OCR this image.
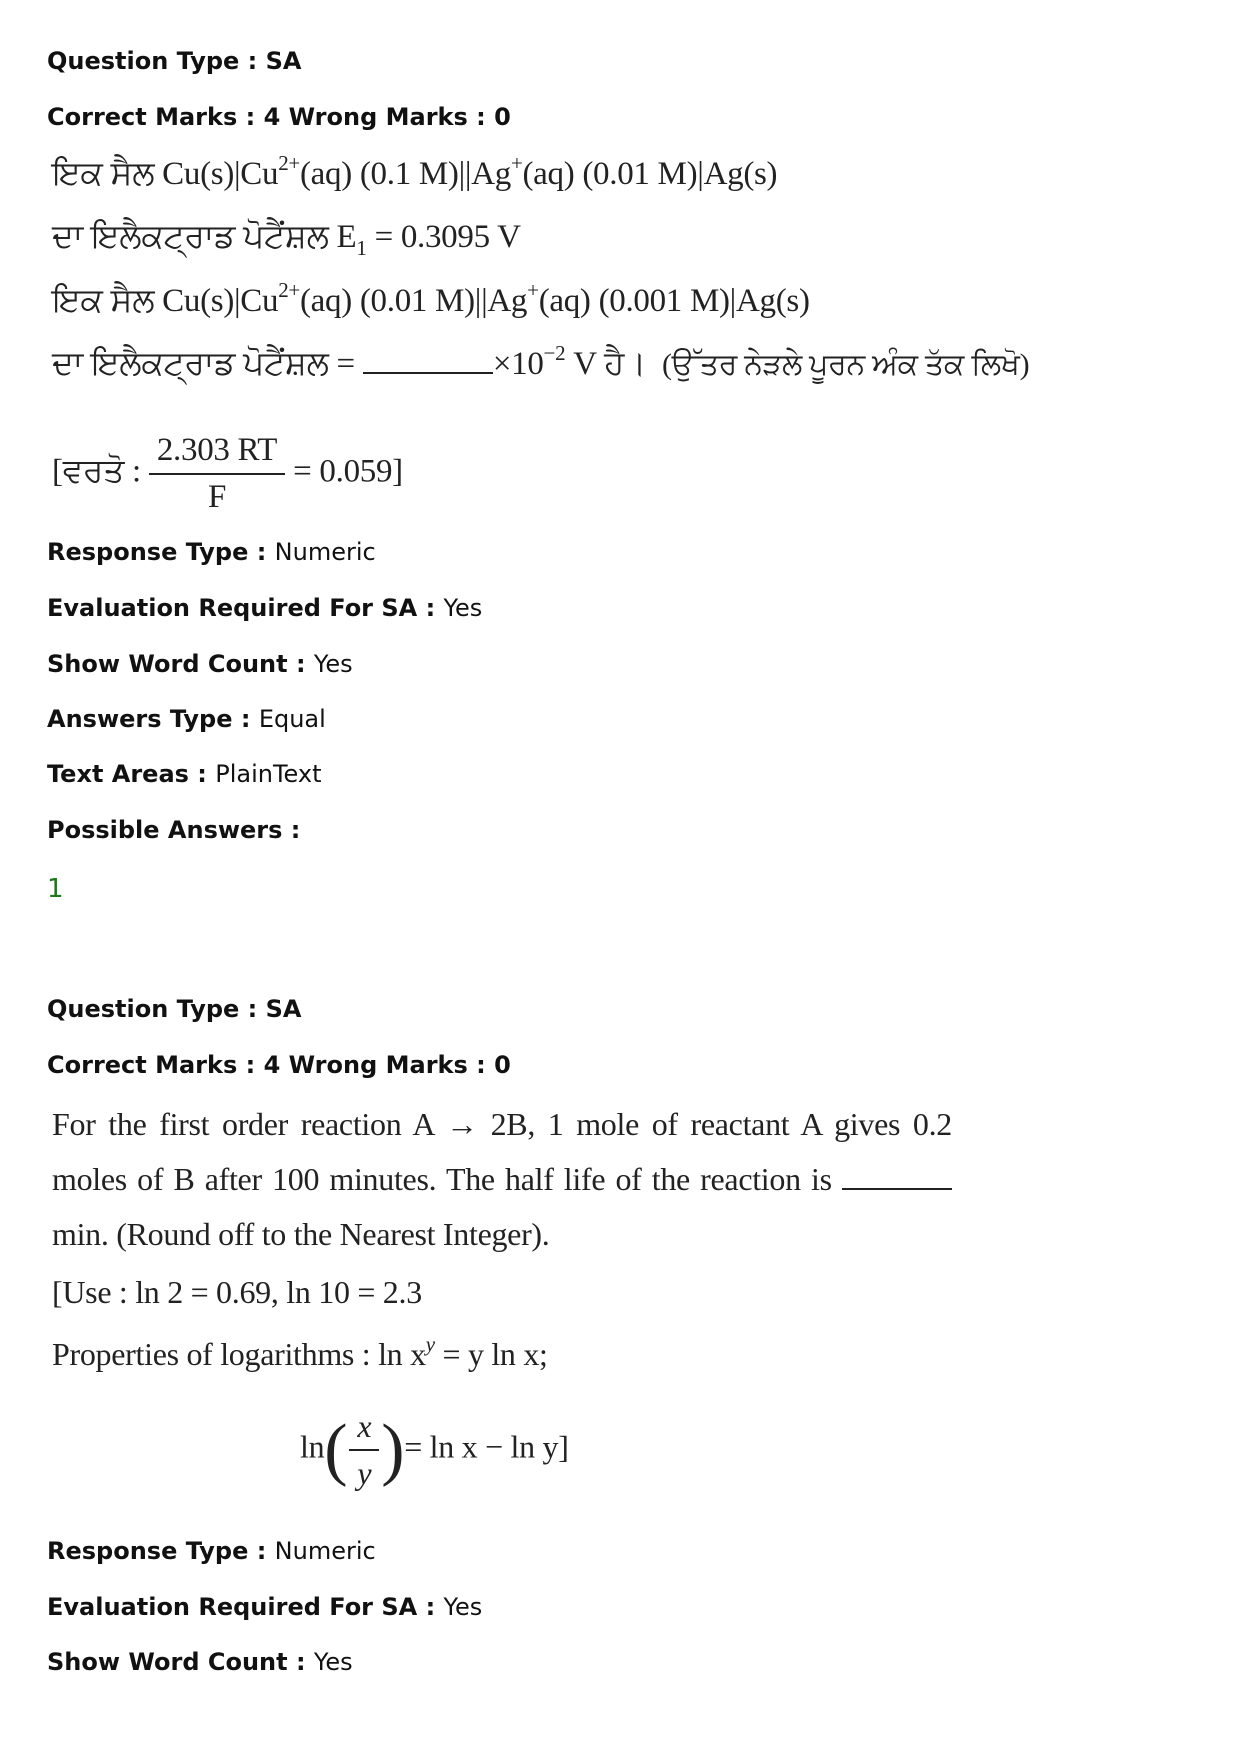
Question Type : SA
Correct Marks : 4 Wrong Marks : 0
ਇਕ ਸੈਲ $Cu(s)|Cu^{2+}(aq)$ (0.1 M)||Ag+(aq) (0.01 M)|Ag(s)
ਦਾ ਇਲੈਕਟ੍ਰਾਡ ਪੋਟੈਂਸ਼ਲ $E_1 = 0.3095$ V
ਇਕ ਸੈਲ $Cu(s)|Cu^{2+}(aq)$ (0.01 M)||Ag+(aq) (0.001 M)|Ag(s)
ਦਾ ਇਲੈਕਟ੍ਰਾਡ ਪੋਟੈਂਸ਼ਲ =	$\times 10^{-2}$ V ਹੈ। (ਉੱਤਰ ਨੇੜਲੇ ਪੂਰਨ ਅੰਕ ਤੱਕ ਲਿਖੋ)
[ਵਰਤੋ : $\frac{2.303 RT}{F} = 0.059$]
Response Type : Numeric
Evaluation Required For SA : Yes
Show Word Count : Yes
Answers Type : Equal
Text Areas : PlainText
Possible Answers :
1
Question Type : SA
Correct Marks : 4 Wrong Marks : 0
For the first order reaction A → 2B, 1 mole of reactant A gives 0.2 moles of B after 100 minutes. The half life of the reaction is  min. (Round off to the Nearest Integer).
[Use : ln 2 = 0.69, ln 10 = 2.3
Properties of logarithms : $\ln x^y = y$ ln x;
$\ln( \frac{x}{y}$ )= ln x − ln y]
Response Type : Numeric
Evaluation Required For SA : Yes
Show Word Count : Yes
